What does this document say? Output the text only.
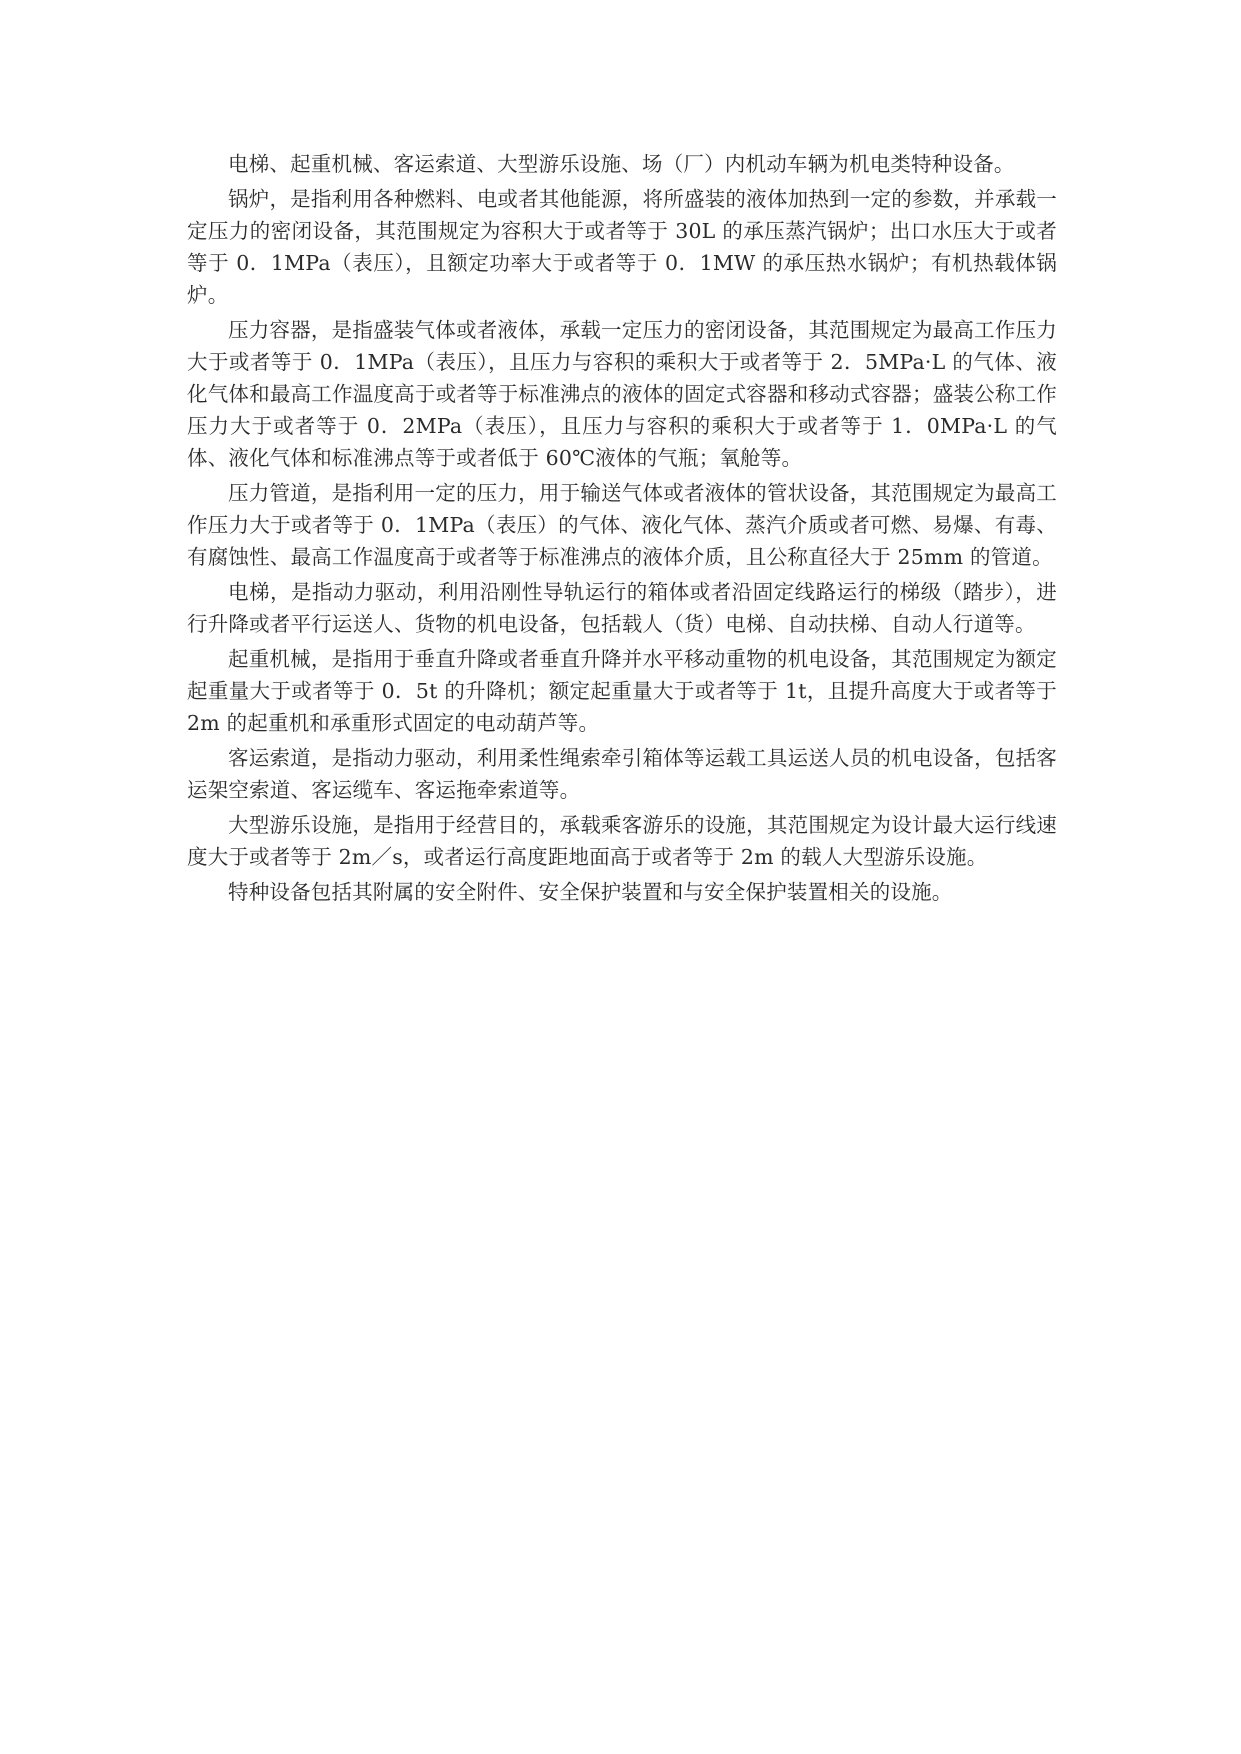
电梯、起重机械、客运索道、大型游乐设施、场（厂）内机动车辆为机电类特种设备。

锅炉，是指利用各种燃料、电或者其他能源，将所盛装的液体加热到一定的参数，并承载一定压力的密闭设备，其范围规定为容积大于或者等于 30L 的承压蒸汽锅炉；出口水压大于或者等于 0．1MPa（表压），且额定功率大于或者等于 0．1MW 的承压热水锅炉；有机热载体锅炉。

压力容器，是指盛装气体或者液体，承载一定压力的密闭设备，其范围规定为最高工作压力大于或者等于 0．1MPa（表压），且压力与容积的乘积大于或者等于 2．5MPa·L 的气体、液化气体和最高工作温度高于或者等于标准沸点的液体的固定式容器和移动式容器；盛装公称工作压力大于或者等于 0．2MPa（表压），且压力与容积的乘积大于或者等于 1．0MPa·L 的气体、液化气体和标准沸点等于或者低于 60℃液体的气瓶；氧舱等。

压力管道，是指利用一定的压力，用于输送气体或者液体的管状设备，其范围规定为最高工作压力大于或者等于 0．1MPa（表压）的气体、液化气体、蒸汽介质或者可燃、易爆、有毒、有腐蚀性、最高工作温度高于或者等于标准沸点的液体介质，且公称直径大于 25mm 的管道。

电梯，是指动力驱动，利用沿刚性导轨运行的箱体或者沿固定线路运行的梯级（踏步），进行升降或者平行运送人、货物的机电设备，包括载人（货）电梯、自动扶梯、自动人行道等。

起重机械，是指用于垂直升降或者垂直升降并水平移动重物的机电设备，其范围规定为额定起重量大于或者等于 0．5t 的升降机；额定起重量大于或者等于 1t，且提升高度大于或者等于 2m 的起重机和承重形式固定的电动葫芦等。

客运索道，是指动力驱动，利用柔性绳索牵引箱体等运载工具运送人员的机电设备，包括客运架空索道、客运缆车、客运拖牵索道等。

大型游乐设施，是指用于经营目的，承载乘客游乐的设施，其范围规定为设计最大运行线速度大于或者等于 2m／s，或者运行高度距地面高于或者等于 2m 的载人大型游乐设施。

特种设备包括其附属的安全附件、安全保护装置和与安全保护装置相关的设施。
